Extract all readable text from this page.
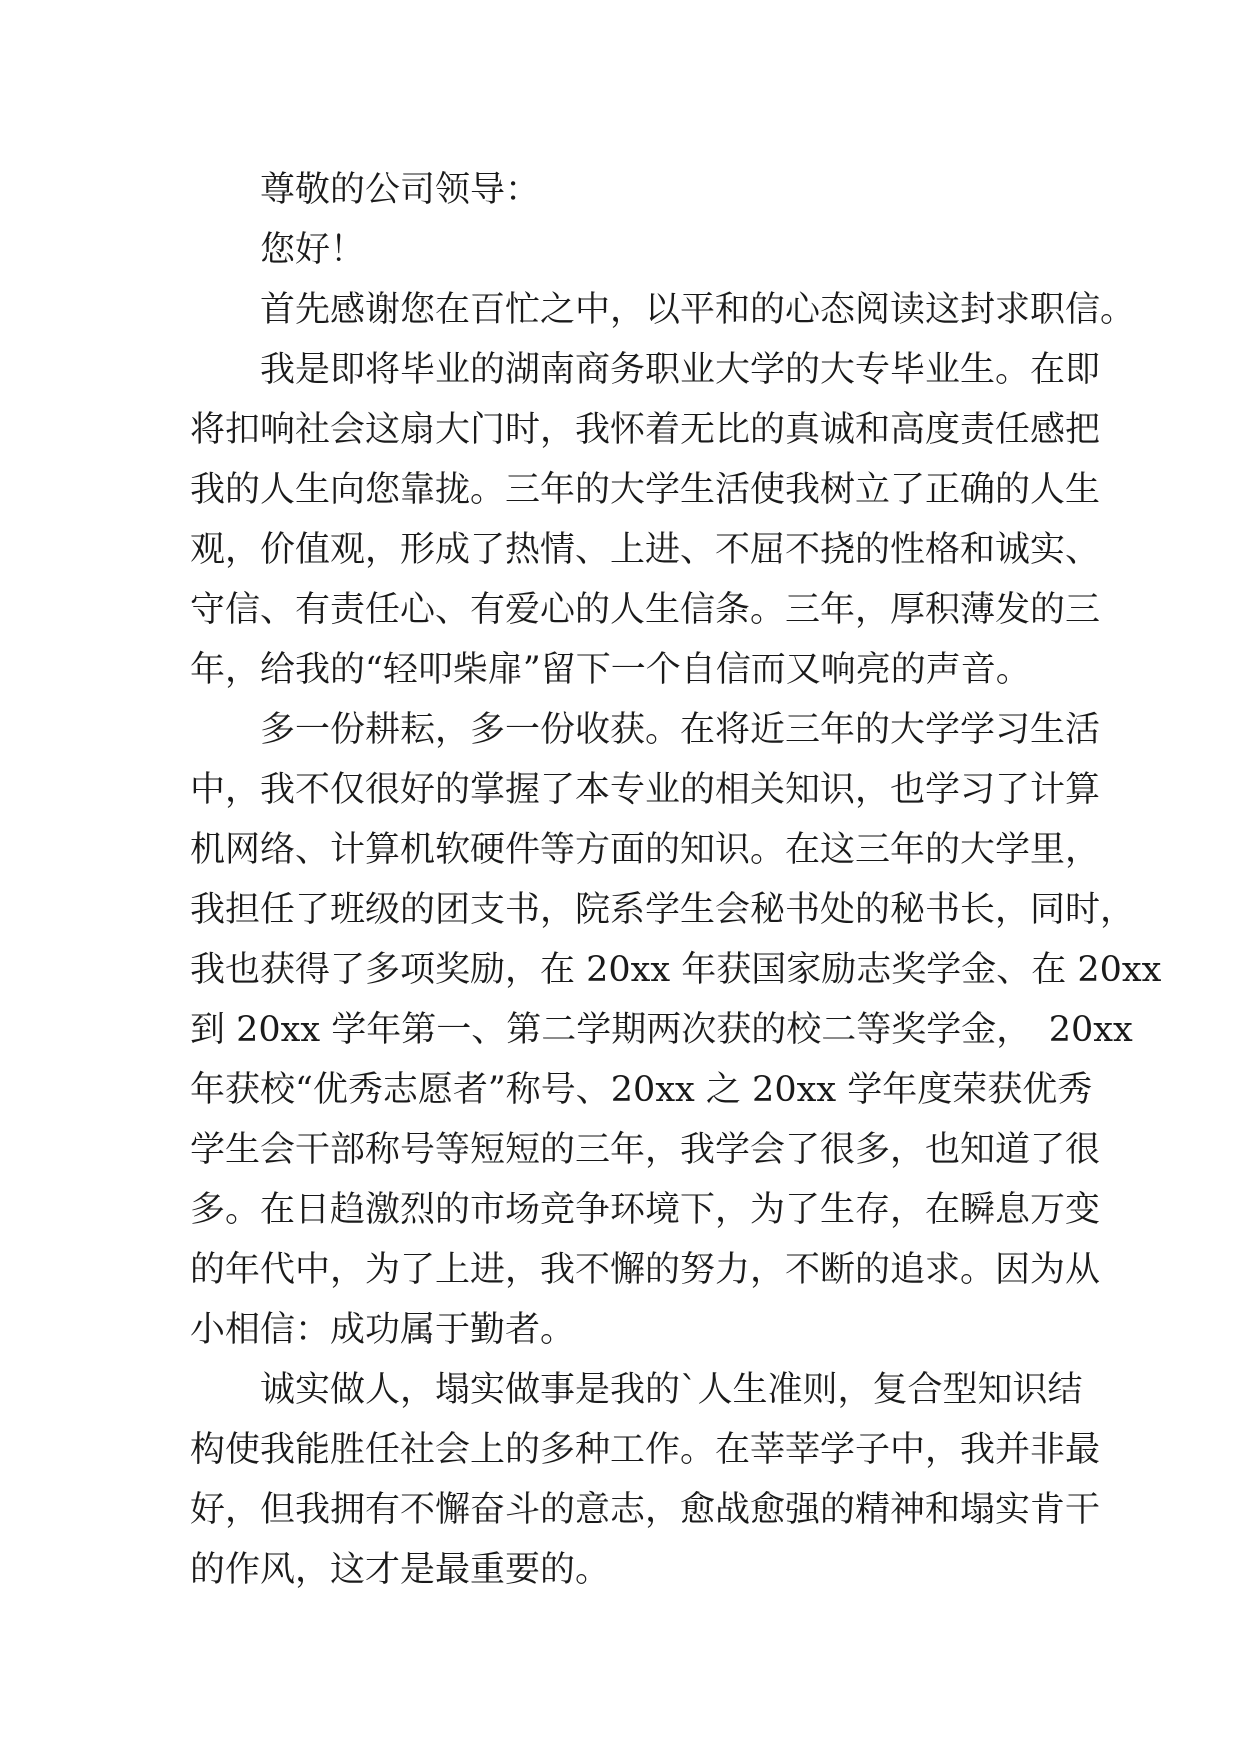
尊敬的公司领导：
您好！
首先感谢您在百忙之中，以平和的心态阅读这封求职信。
我是即将毕业的湖南商务职业大学的大专毕业生。在即
将扣响社会这扇大门时，我怀着无比的真诚和高度责任感把
我的人生向您靠拢。三年的大学生活使我树立了正确的人生
观，价值观，形成了热情、上进、不屈不挠的性格和诚实、
守信、有责任心、有爱心的人生信条。三年，厚积薄发的三
年，给我的“轻叩柴扉”留下一个自信而又响亮的声音。
多一份耕耘，多一份收获。在将近三年的大学学习生活
中，我不仅很好的掌握了本专业的相关知识，也学习了计算
机网络、计算机软硬件等方面的知识。在这三年的大学里，
我担任了班级的团支书，院系学生会秘书处的秘书长，同时，
我也获得了多项奖励，在 20xx 年获国家励志奖学金、在 20xx
到 20xx 学年第一、第二学期两次获的校二等奖学金，　20xx
年获校“优秀志愿者”称号、20xx 之 20xx 学年度荣获优秀
学生会干部称号等短短的三年，我学会了很多，也知道了很
多。在日趋激烈的市场竞争环境下，为了生存，在瞬息万变
的年代中，为了上进，我不懈的努力，不断的追求。因为从
小相信：成功属于勤者。
诚实做人，塌实做事是我的`人生准则，复合型知识结
构使我能胜任社会上的多种工作。在莘莘学子中，我并非最
好，但我拥有不懈奋斗的意志，愈战愈强的精神和塌实肯干
的作风，这才是最重要的。
